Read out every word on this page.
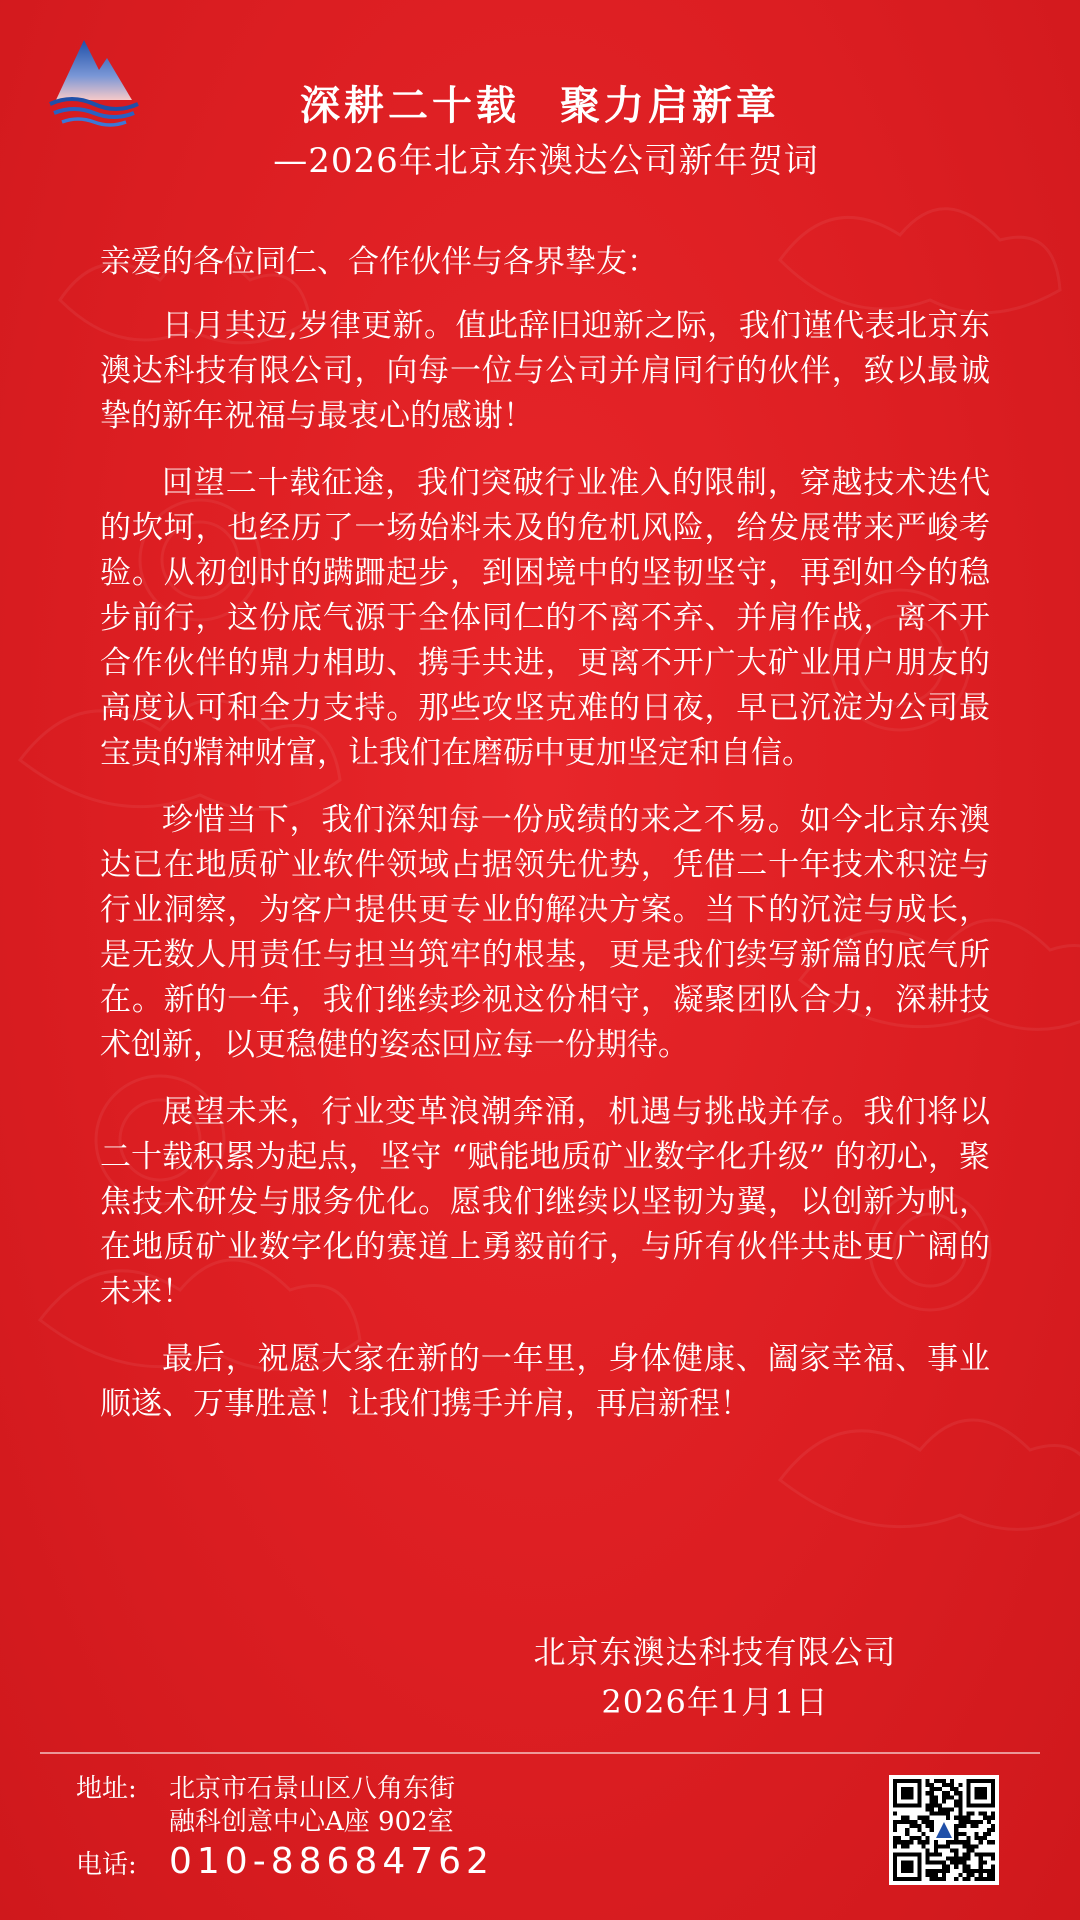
深耕二十载 聚力启新章
—2026年北京东澳达公司新年贺词

亲爱的各位同仁、合作伙伴与各界挚友：

日月其迈,岁律更新。值此辞旧迎新之际，我们谨代表北京东澳达科技有限公司，向每一位与公司并肩同行的伙伴，致以最诚挚的新年祝福与最衷心的感谢！

回望二十载征途，我们突破行业准入的限制，穿越技术迭代的坎坷，也经历了一场始料未及的危机风险，给发展带来严峻考验。从初创时的蹒跚起步，到困境中的坚韧坚守，再到如今的稳步前行，这份底气源于全体同仁的不离不弃、并肩作战，离不开合作伙伴的鼎力相助、携手共进，更离不开广大矿业用户朋友的高度认可和全力支持。那些攻坚克难的日夜，早已沉淀为公司最宝贵的精神财富，让我们在磨砺中更加坚定和自信。

珍惜当下，我们深知每一份成绩的来之不易。如今北京东澳达已在地质矿业软件领域占据领先优势，凭借二十年技术积淀与行业洞察，为客户提供更专业的解决方案。当下的沉淀与成长，是无数人用责任与担当筑牢的根基，更是我们续写新篇的底气所在。新的一年，我们继续珍视这份相守，凝聚团队合力，深耕技术创新，以更稳健的姿态回应每一份期待。

展望未来，行业变革浪潮奔涌，机遇与挑战并存。我们将以二十载积累为起点，坚守 “赋能地质矿业数字化升级” 的初心，聚焦技术研发与服务优化。愿我们继续以坚韧为翼，以创新为帆，在地质矿业数字化的赛道上勇毅前行，与所有伙伴共赴更广阔的未来！

最后，祝愿大家在新的一年里，身体健康、阖家幸福、事业顺遂、万事胜意！让我们携手并肩，再启新程！

北京东澳达科技有限公司
2026年1月1日
地址:	北京市石景山区八角东街
融科创意中心A座 902室
电话: 010-88684762
